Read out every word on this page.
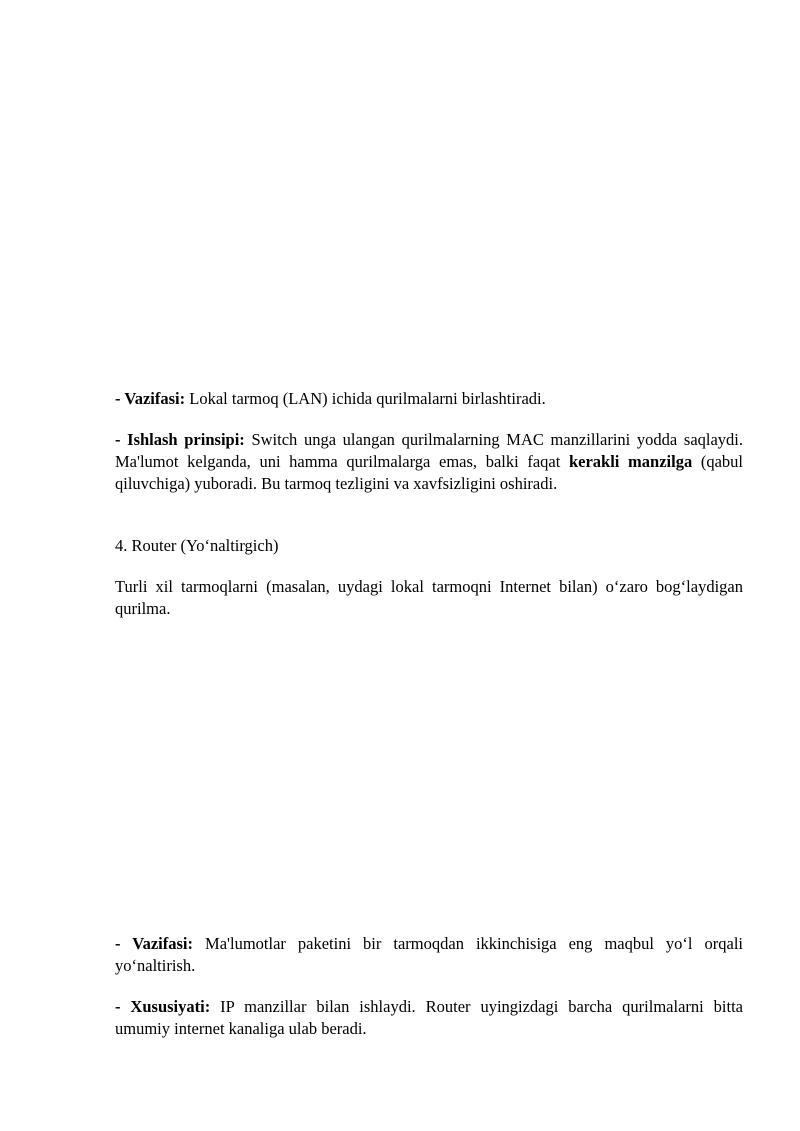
- Vazifasi: Lokal tarmoq (LAN) ichida qurilmalarni birlashtiradi.

- Ishlash prinsipi: Switch unga ulangan qurilmalarning MAC manzillarini yodda saqlaydi. Ma'lumot kelganda, uni hamma qurilmalarga emas, balki faqat kerakli manzilga (qabul qiluvchiga) yuboradi. Bu tarmoq tezligini va xavfsizligini oshiradi.

4. Router (Yoʻnaltirgich)

Turli xil tarmoqlarni (masalan, uydagi lokal tarmoqni Internet bilan) oʻzaro bogʻlaydigan qurilma.

- Vazifasi: Ma'lumotlar paketini bir tarmoqdan ikkinchisiga eng maqbul yoʻl orqali yoʻnaltirish.

- Xususiyati: IP manzillar bilan ishlaydi. Router uyingizdagi barcha qurilmalarni bitta umumiy internet kanaliga ulab beradi.
